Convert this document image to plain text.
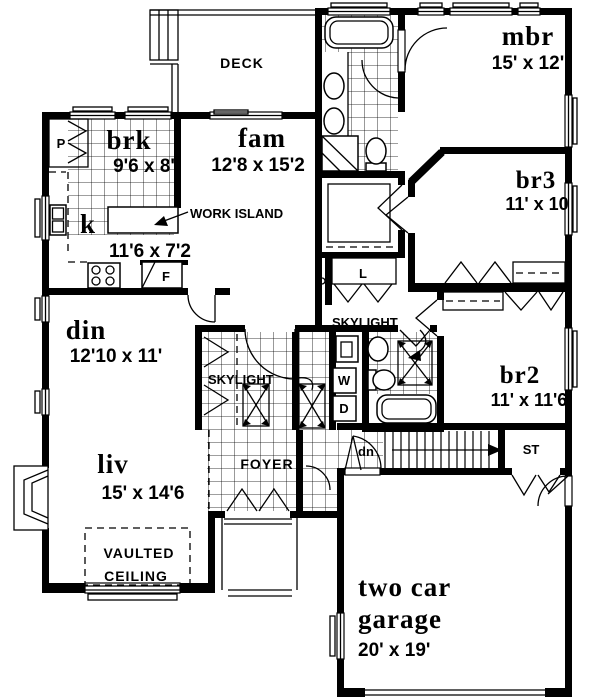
DECK
mbr
15' x 12'
br3
11' x 10
br2
11' x 11'6
brk
9'6 x 8'
fam
12'8 x 15'2
k
11'6 x 7'2
din
12'10 x 11'
liv
15' x 14'6
two car
garage
20' x 19'
FOYER
ST
WORK ISLAND
SKYLIGHT
SKYLIGHT
VAULTED
CEILING
dn
L
W
D
F
P
